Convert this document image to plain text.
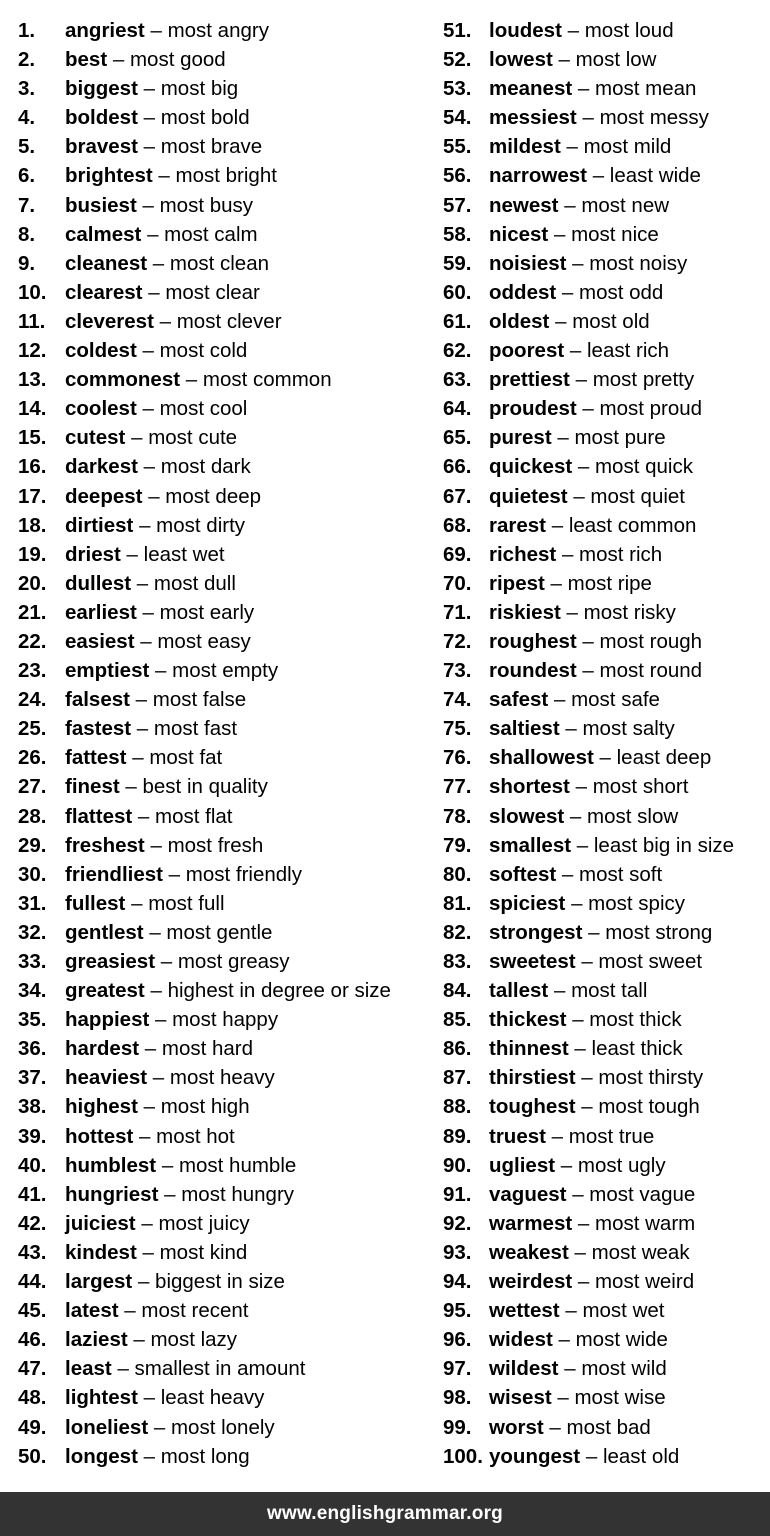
1.	angriest
–
most angry
2.	best
–
most good
3.	biggest
–
most big
4.	boldest
–
most bold
5.	bravest
–
most brave
6.	brightest
–
most bright
7.	busiest
–
most busy
8.	calmest
–
most calm
9.	cleanest
–
most clean
10. clearest
–
most clear
11. cleverest
–
most clever
12. coldest
–
most cold
13. commonest
–
most common
14. coolest
–
most cool
15. cutest
–
most cute
16. darkest
–
most dark
17. deepest
–
most deep
18. dirtiest
–
most dirty
19. driest
–
least wet
20. dullest
–
most dull
21. earliest
–
most early
22. easiest
–
most easy
23. emptiest
–
most empty
24. falsest
–
most false
25. fastest
–
most fast
26. fattest
–
most fat
27. finest
–
best in quality
28. flattest
–
most flat
29. freshest
–
most fresh
30. friendliest
–
most friendly
31. fullest
–
most full
32. gentlest
–
most gentle
33. greasiest
–
most greasy
34. greatest
–
highest in degree or size
35. happiest
–
most happy
36. hardest
–
most hard
37. heaviest
–
most heavy
38. highest
–
most high
39. hottest
–
most hot
40. humblest
–
most humble
41. hungriest
–
most hungry
42. juiciest
–
most juicy
43. kindest
–
most kind
44. largest
–
biggest in size
45. latest
–
most recent
46. laziest
–
most lazy
47. least
–
smallest in amount
48. lightest
–
least heavy
49. loneliest
–
most lonely
50. longest
–
most long
51. loudest
–
most loud
52. lowest
–
most low
53. meanest
–
most mean
54. messiest
–
most messy
55. mildest
–
most mild
56. narrowest
–
least wide
57. newest
–
most new
58. nicest
–
most nice
59. noisiest
–
most noisy
60. oddest
–
most odd
61. oldest
–
most old
62. poorest
–
least rich
63. prettiest
–
most pretty
64. proudest
–
most proud
65. purest
–
most pure
66. quickest
–
most quick
67. quietest
–
most quiet
68. rarest
–
least common
69. richest
–
most rich
70. ripest
–
most ripe
71. riskiest
–
most risky
72. roughest
–
most rough
73. roundest
–
most round
74. safest
–
most safe
75. saltiest
–
most salty
76. shallowest
–
least deep
77. shortest
–
most short
78. slowest
–
most slow
79. smallest
–
least big in size
80. softest
–
most soft
81. spiciest
–
most spicy
82. strongest
–
most strong
83. sweetest
–
most sweet
84. tallest
–
most tall
85. thickest
–
most thick
86. thinnest
–
least thick
87. thirstiest
–
most thirsty
88. toughest
–
most tough
89. truest
–
most true
90. ugliest
–
most ugly
91. vaguest
–
most vague
92. warmest
–
most warm
93. weakest
–
most weak
94. weirdest
–
most weird
95. wettest
–
most wet
96. widest
–
most wide
97. wildest
–
most wild
98. wisest
–
most wise
99. worst
–
most bad
100. youngest
–
least old
www.englishgrammar.org
